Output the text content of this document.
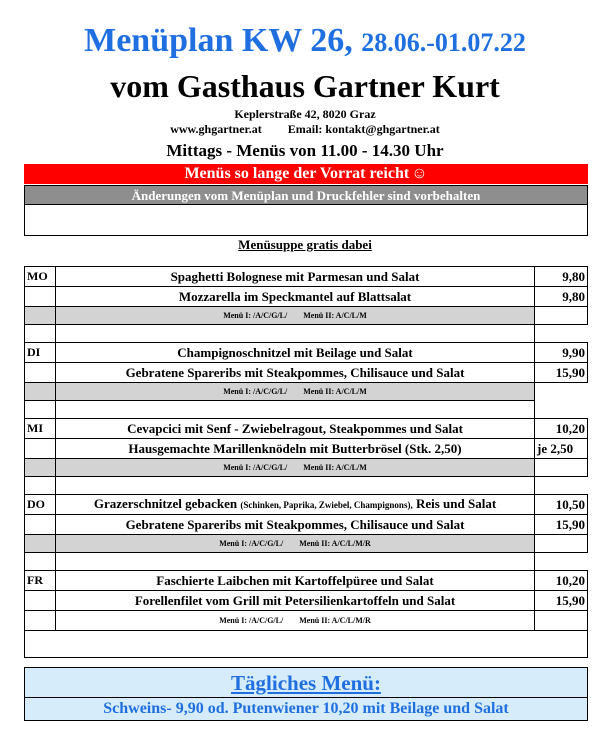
Menüplan KW 26, 28.06.-01.07.22
vom Gasthaus Gartner Kurt
Keplerstraße 42, 8020 Graz
www.ghgartner.at Email: kontakt@ghgartner.at
Mittags - Menüs von 11.00 - 14.30 Uhr
Menüs so lange der Vorrat reicht ☺
Änderungen vom Menüplan und Druckfehler sind vorbehalten
Menüsuppe gratis dabei
MO	Spaghetti Bolognese mit Parmesan und Salat	9,80
	Mozzarella im Speckmantel auf Blattsalat	9,80
	Menü I: /A/C/G/L/ Menü II: A/C/L/M	

DI	Champignoschnitzel mit Beilage und Salat	9,90
	Gebratene Spareribs mit Steakpommes, Chilisauce und Salat	15,90
	Menü I: /A/C/G/L/ Menü II: A/C/L/M	

MI	Cevapcici mit Senf - Zwiebelragout, Steakpommes und Salat	10,20
	Hausgemachte Marillenknödeln mit Butterbrösel (Stk. 2,50)	je 2,50
	Menü I: /A/C/G/L/ Menü II: A/C/L/M	

DO	Grazerschnitzel gebacken (Schinken, Paprika, Zwiebel, Champignons), Reis und Salat	10,50
	Gebratene Spareribs mit Steakpommes, Chilisauce und Salat	15,90
	Menü I: /A/C/G/L/ Menü II: A/C/L/M/R	

FR	Faschierte Laibchen mit Kartoffelpüree und Salat	10,20
	Forellenfilet vom Grill mit Petersilienkartoffeln und Salat	15,90
	Menü I: /A/C/G/L/ Menü II: A/C/L/M/R	

Tägliches Menü:
Schweins- 9,90 od. Putenwiener 10,20 mit Beilage und Salat
